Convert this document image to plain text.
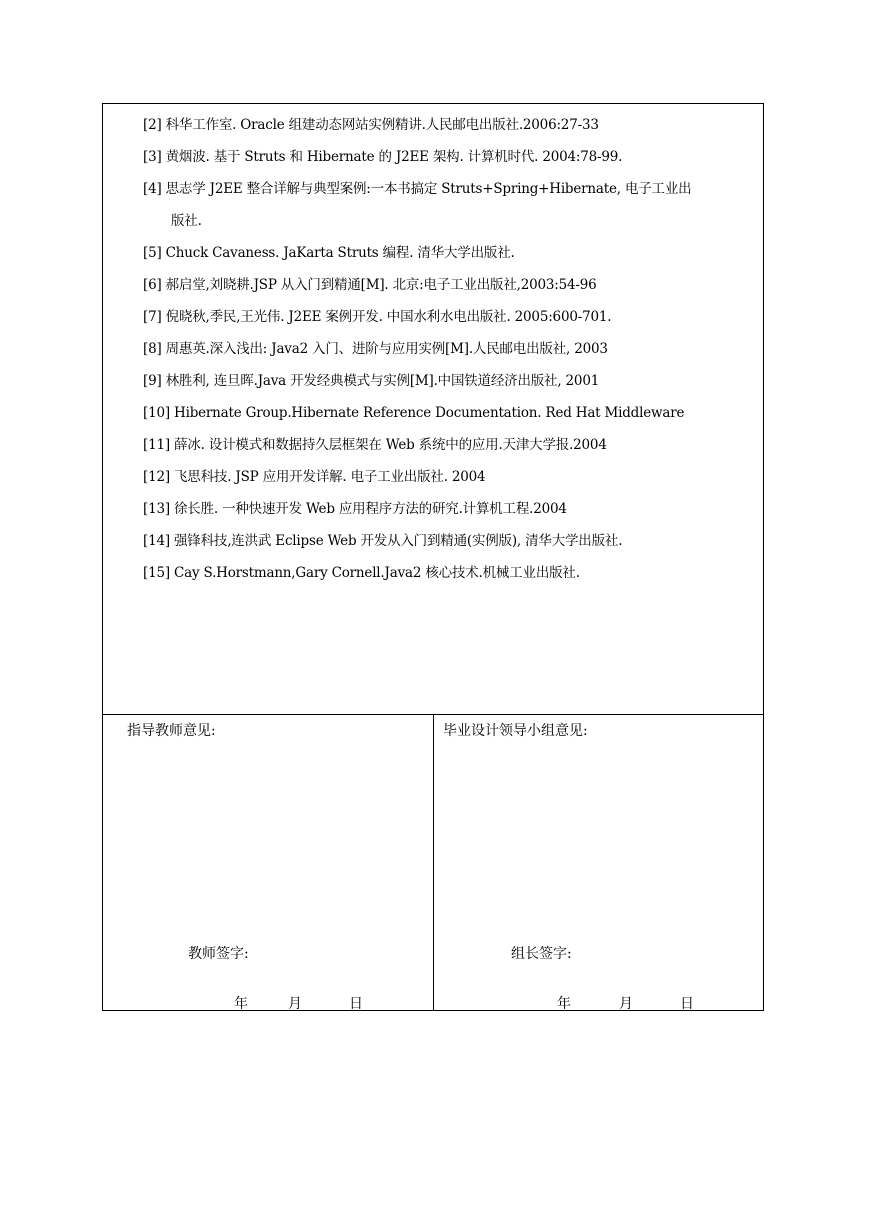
[2] 科华工作室. Oracle 组建动态网站实例精讲.人民邮电出版社.2006:27-33
[3] 黄烟波. 基于 Struts 和 Hibernate 的 J2EE 架构. 计算机时代. 2004:78-99.
[4] 思志学 J2EE 整合详解与典型案例:一本书搞定 Struts+Spring+Hibernate, 电子工业出
版社.
[5] Chuck Cavaness. JaKarta Struts 编程. 清华大学出版社.
[6] 郝启堂,刘晓耕.JSP 从入门到精通[M]. 北京:电子工业出版社,2003:54-96
[7] 倪晓秋,季民,王光伟. J2EE 案例开发. 中国水利水电出版社. 2005:600-701.
[8] 周惠英.深入浅出: Java2 入门、进阶与应用实例[M].人民邮电出版社, 2003
[9] 林胜利, 连旦晖.Java 开发经典模式与实例[M].中国铁道经济出版社, 2001
[10] Hibernate Group.Hibernate Reference Documentation. Red Hat Middleware
[11] 薛冰. 设计模式和数据持久层框架在 Web 系统中的应用.天津大学报.2004
[12] 飞思科技. JSP 应用开发详解. 电子工业出版社. 2004
[13] 徐长胜. 一种快速开发 Web 应用程序方法的研究.计算机工程.2004
[14] 强锋科技,连洪武 Eclipse Web 开发从入门到精通(实例版), 清华大学出版社.
[15] Cay S.Horstmann,Gary Cornell.Java2 核心技术.机械工业出版社.
指导教师意见:
教师签字:
年	月	日
毕业设计领导小组意见:
组长签字:
年	月	日
